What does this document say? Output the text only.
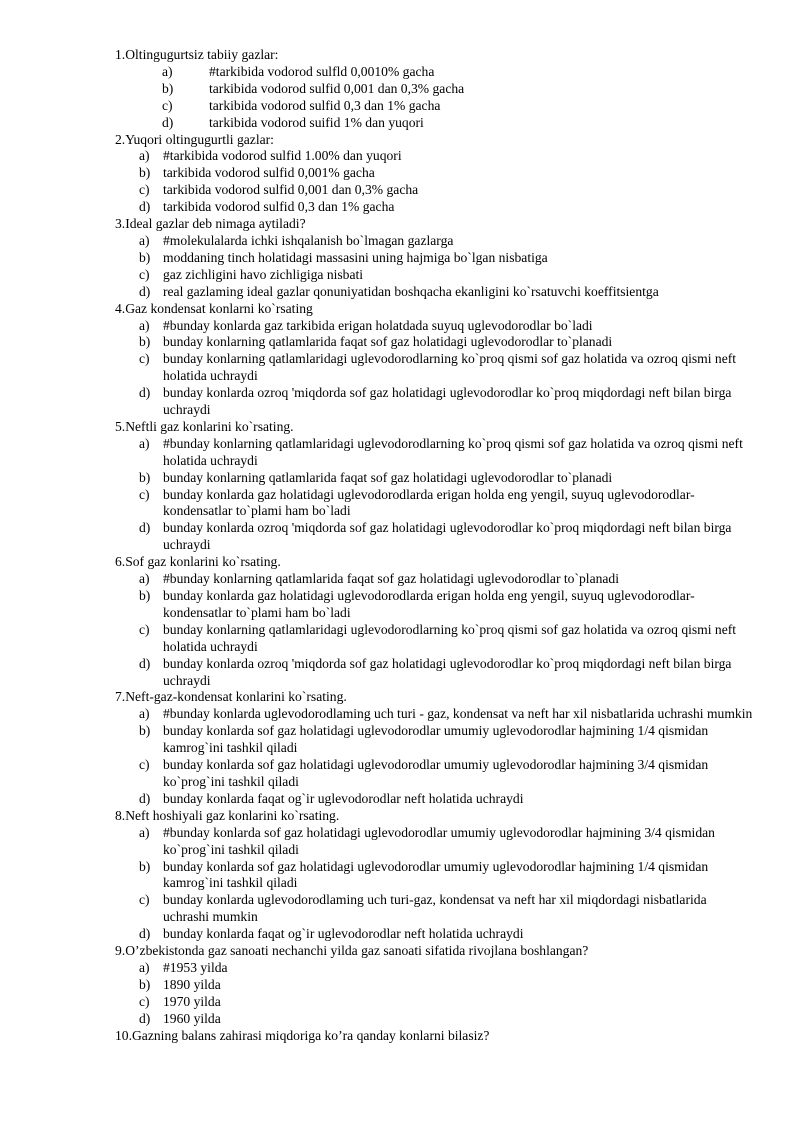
1.Oltingugurtsiz tabiiy gazlar:
a)	#tarkibida vodorod sulfld 0,0010% gacha
b)	tarkibida vodorod sulfid 0,001 dan 0,3% gacha
c)	tarkibida vodorod sulfid 0,3 dan 1% gacha
d)	tarkibida vodorod suifid 1% dan yuqori
2.Yuqori oltingugurtli gazlar:
a) #tarkibida vodorod sulfid 1.00% dan yuqori
b) tarkibida vodorod sulfid 0,001% gacha
c) tarkibida vodorod sulfid 0,001 dan 0,3% gacha
d) tarkibida vodorod sulfid 0,3 dan 1% gacha
3.Ideal gazlar deb nimaga aytiladi?
a) #molekulalarda ichki ishqalanish bo`lmagan gazlarga
b) moddaning tinch holatidagi massasini uning hajmiga bo`lgan nisbatiga
c) gaz zichligini havo zichligiga nisbati
d) real gazlaming ideal gazlar qonuniyatidan boshqacha ekanligini ko`rsatuvchi koeffitsientga
4.Gaz kondensat konlarni ko`rsating
a) #bunday konlarda gaz tarkibida erigan holatdada suyuq uglevodorodlar bo`ladi
b) bunday konlarning qatlamlarida faqat sof gaz holatidagi uglevodorodlar to`planadi
c) bunday konlarning qatlamlaridagi uglevodorodlarning ko`proq qismi sof gaz holatida va ozroq qismi neft holatida uchraydi
d) bunday konlarda ozroq 'miqdorda sof gaz holatidagi uglevodorodlar ko`proq miqdordagi neft bilan birga uchraydi
5.Neftli gaz konlarini ko`rsating.
a) #bunday konlarning qatlamlaridagi uglevodorodlarning ko`proq qismi sof gaz holatida va ozroq qismi neft holatida uchraydi
b) bunday konlarning qatlamlarida faqat sof gaz holatidagi uglevodorodlar to`planadi
c) bunday konlarda gaz holatidagi uglevodorodlarda erigan holda eng yengil, suyuq uglevodorodlar-kondensatlar to`plami ham bo`ladi
d) bunday konlarda ozroq 'miqdorda sof gaz holatidagi uglevodorodlar ko`proq miqdordagi neft bilan birga uchraydi
6.Sof gaz konlarini ko`rsating.
a) #bunday konlarning qatlamlarida faqat sof gaz holatidagi uglevodorodlar to`planadi
b) bunday konlarda gaz holatidagi uglevodorodlarda erigan holda eng yengil, suyuq uglevodorodlar-kondensatlar to`plami ham bo`ladi
c) bunday konlarning qatlamlaridagi uglevodorodlarning ko`proq qismi sof gaz holatida va ozroq qismi neft holatida uchraydi
d) bunday konlarda ozroq 'miqdorda sof gaz holatidagi uglevodorodlar ko`proq miqdordagi neft bilan birga uchraydi
7.Neft-gaz-kondensat konlarini ko`rsating.
a) #bunday konlarda uglevodorodlaming uch turi - gaz, kondensat va neft har xil nisbatlarida uchrashi mumkin
b) bunday konlarda sof gaz holatidagi uglevodorodlar umumiy uglevodorodlar hajmining 1/4 qismidan kamrog`ini tashkil qiladi
c) bunday konlarda sof gaz holatidagi uglevodorodlar umumiy uglevodorodlar hajmining 3/4 qismidan ko`prog`ini tashkil qiladi
d) bunday konlarda faqat og`ir uglevodorodlar neft holatida uchraydi
8.Neft hoshiyali gaz konlarini ko`rsating.
a) #bunday konlarda sof gaz holatidagi uglevodorodlar umumiy uglevodorodlar hajmining 3/4 qismidan ko`prog`ini tashkil qiladi
b) bunday konlarda sof gaz holatidagi uglevodorodlar umumiy uglevodorodlar hajmining 1/4 qismidan kamrog`ini tashkil qiladi
c) bunday konlarda uglevodorodlaming uch turi-gaz, kondensat va neft har xil miqdordagi nisbatlarida uchrashi mumkin
d) bunday konlarda faqat og`ir uglevodorodlar neft holatida uchraydi
9.O’zbekistonda gaz sanoati nechanchi yilda gaz sanoati sifatida rivojlana boshlangan?
a) #1953 yilda
b) 1890 yilda
c) 1970 yilda
d) 1960 yilda
10.Gazning balans zahirasi miqdoriga ko’ra qanday konlarni bilasiz?
